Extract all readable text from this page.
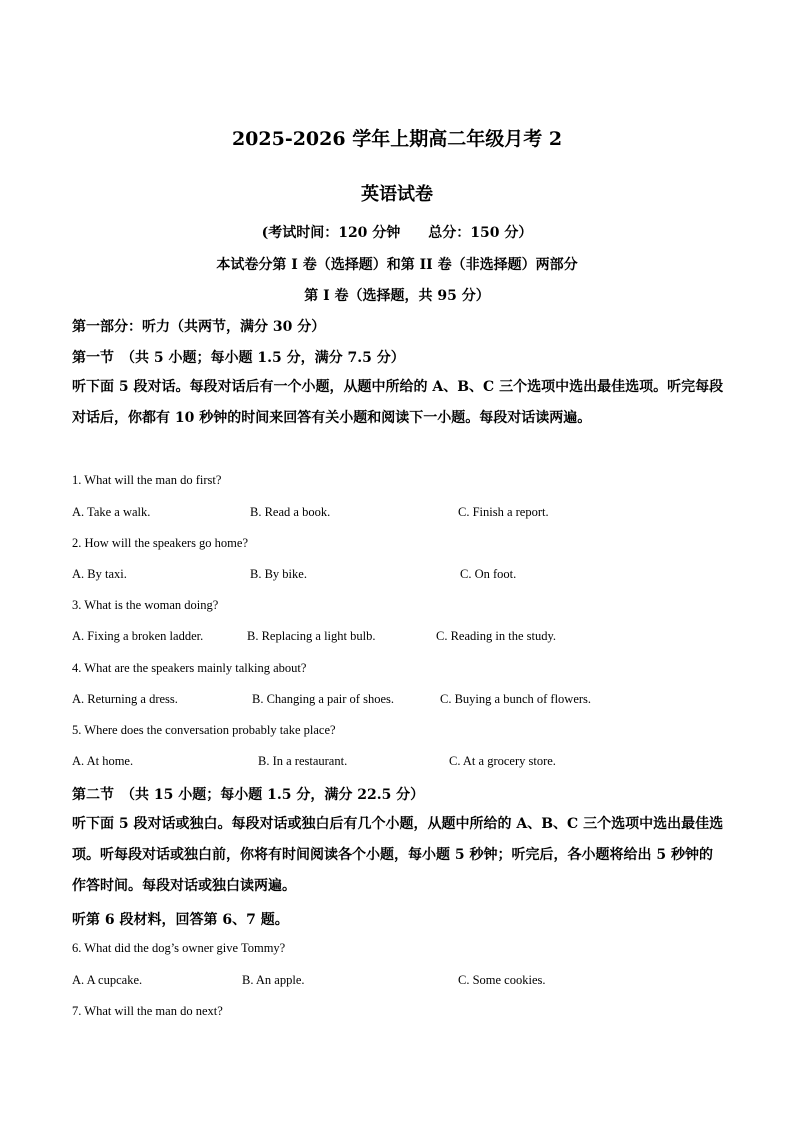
2025-2026 学年上期高二年级月考 2
英语试卷
(考试时间：120 分钟　　总分：150 分）
本试卷分第 I 卷（选择题）和第 II 卷（非选择题）两部分
第 I 卷（选择题，共 95 分）
第一部分：听力（共两节，满分 30 分）
第一节　（共 5 小题；每小题 1.5 分，满分 7.5 分）
听下面 5 段对话。每段对话后有一个小题，从题中所给的 A、B、C 三个选项中选出最佳选项。听完每段对话后，你都有 10 秒钟的时间来回答有关小题和阅读下一小题。每段对话读两遍。
1. What will the man do first?
A. Take a walk.	B. Read a book.	C. Finish a report.
2. How will the speakers go home?
A. By taxi.	B. By bike.	C. On foot.
3. What is the woman doing?
A. Fixing a broken ladder.	B. Replacing a light bulb.	C. Reading in the study.
4. What are the speakers mainly talking about?
A. Returning a dress.	B. Changing a pair of shoes.	C. Buying a bunch of flowers.
5. Where does the conversation probably take place?
A. At home.	B. In a restaurant.	C. At a grocery store.
第二节　（共 15 小题；每小题 1.5 分，满分 22.5 分）
听下面 5 段对话或独白。每段对话或独白后有几个小题，从题中所给的 A、B、C 三个选项中选出最佳选项。听每段对话或独白前，你将有时间阅读各个小题，每小题 5 秒钟；听完后，各小题将给出 5 秒钟的作答时间。每段对话或独白读两遍。
听第 6 段材料，回答第 6、7 题。
6. What did the dog’s owner give Tommy?
A. A cupcake.	B. An apple.	C. Some cookies.
7. What will the man do next?
